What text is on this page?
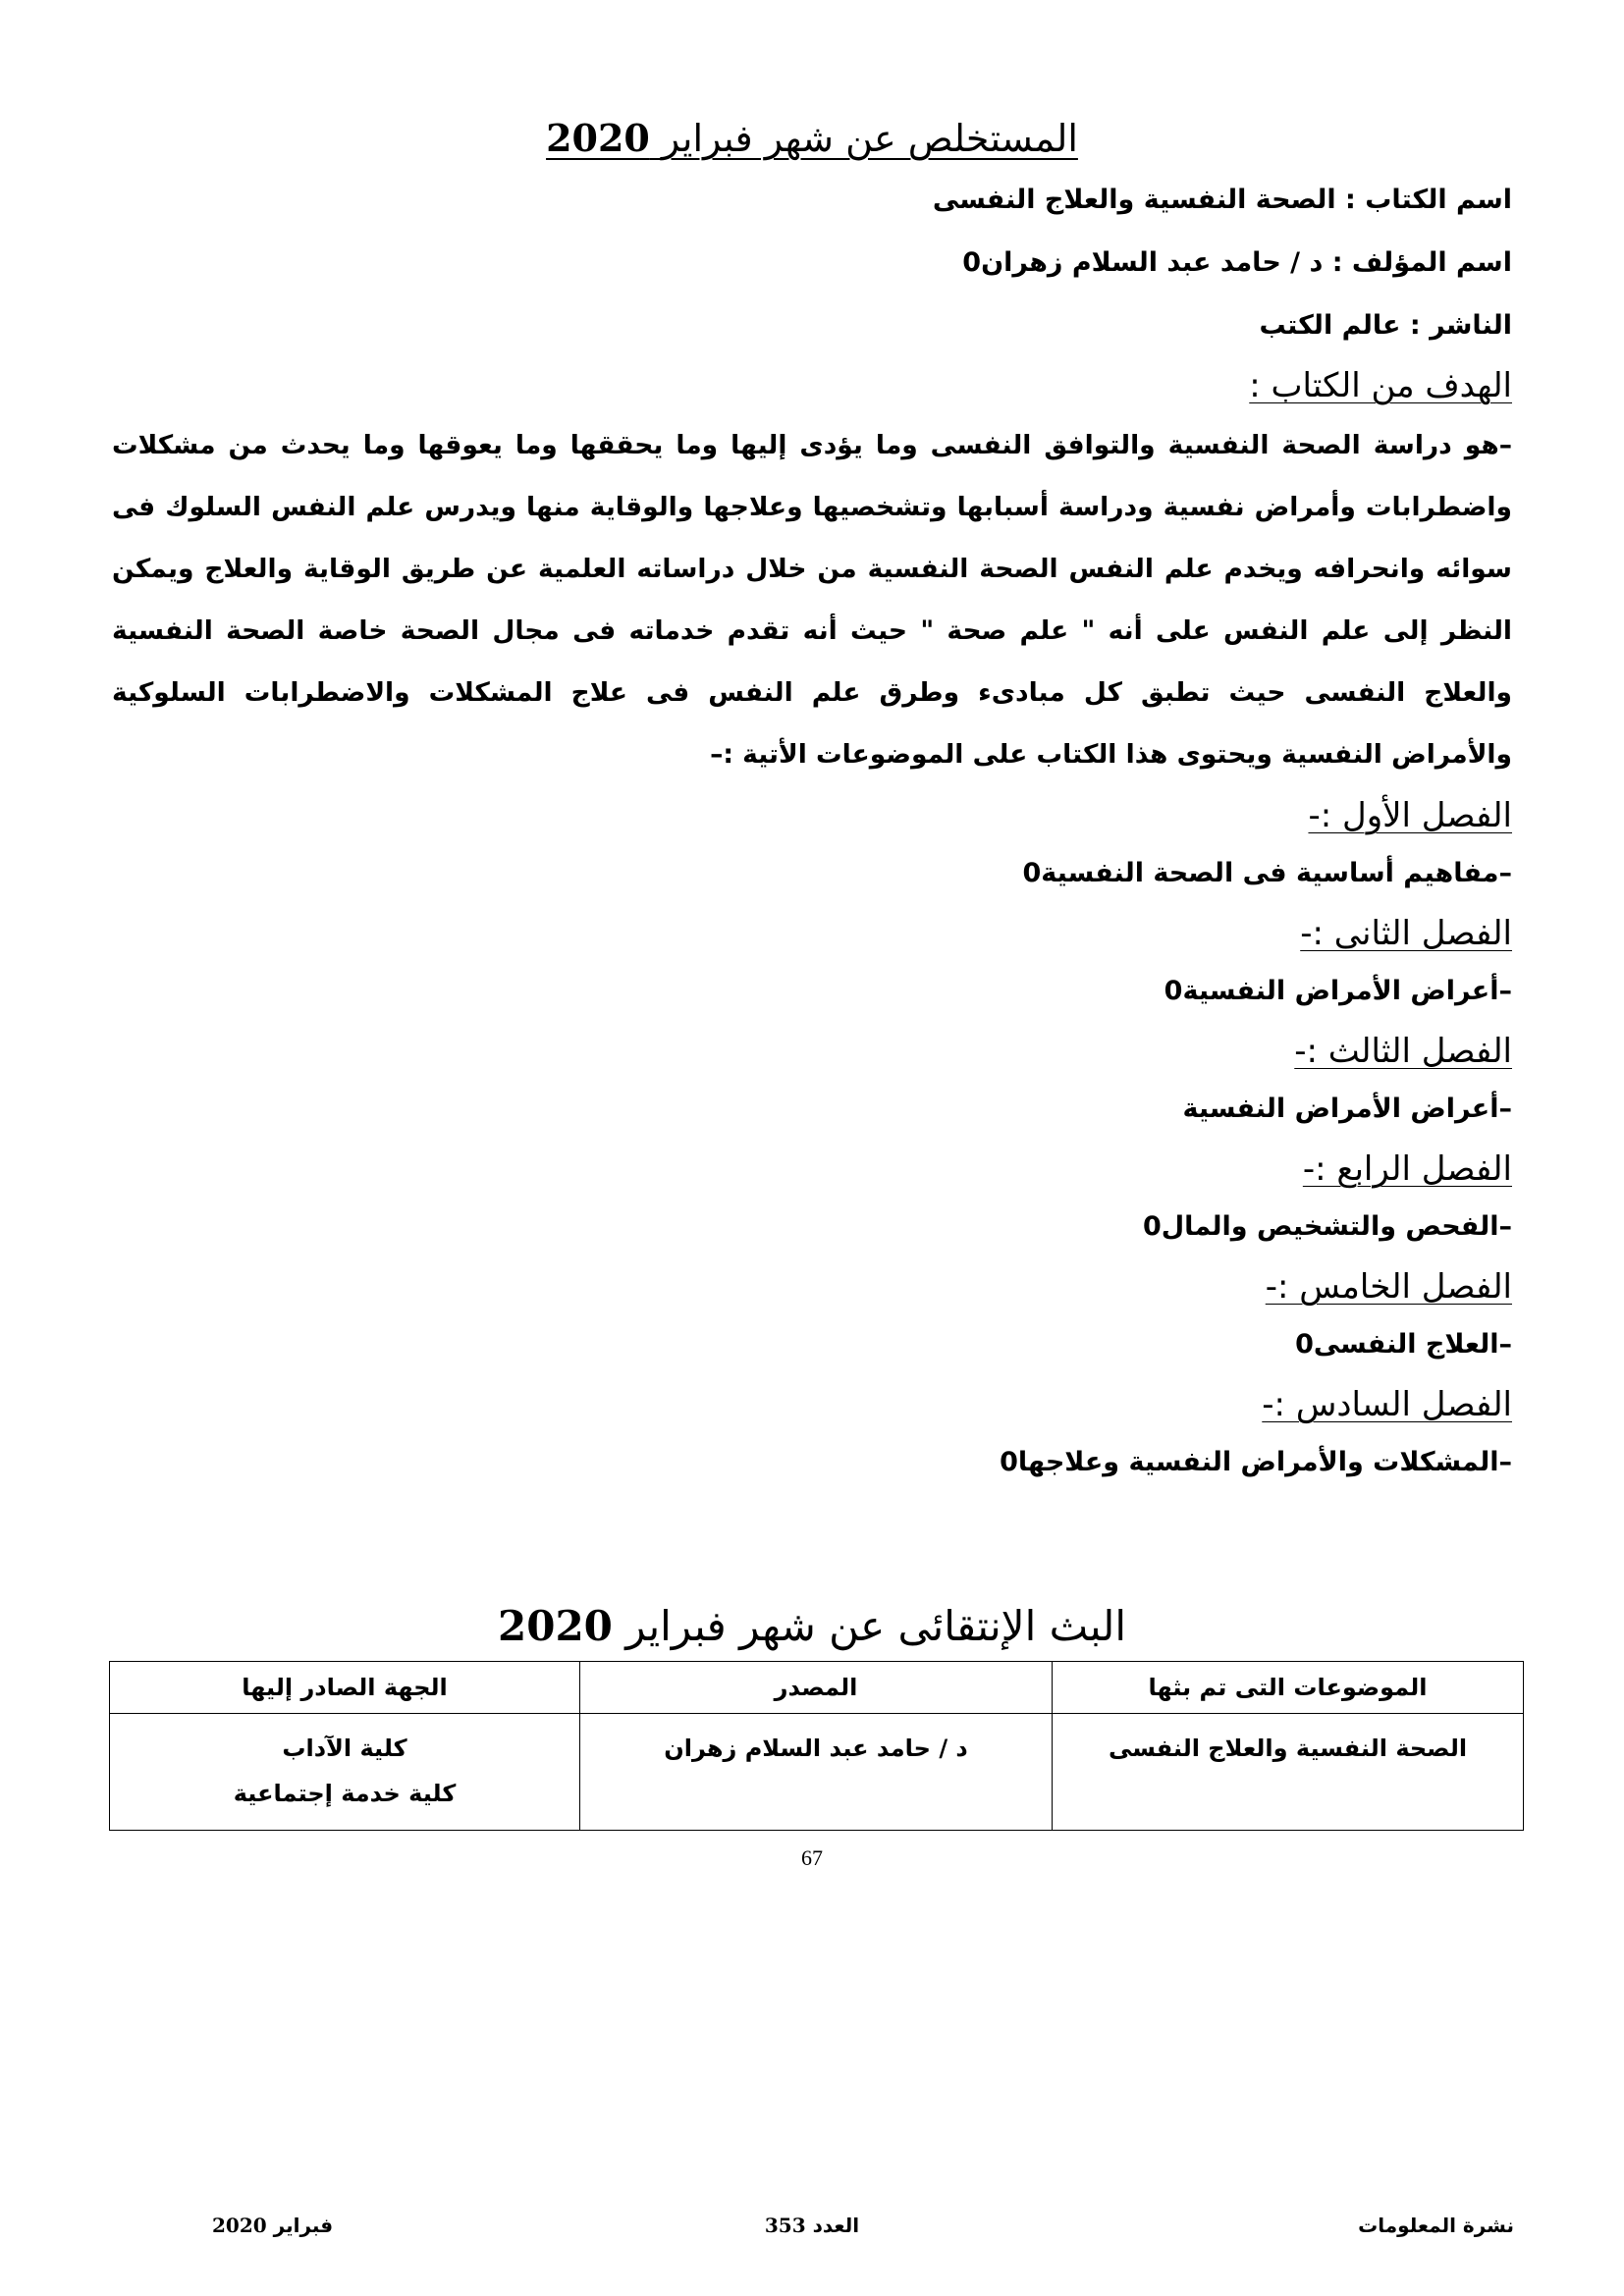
المستخلص عن شهر فبراير 2020
اسم الكتاب : الصحة النفسية والعلاج النفسى
اسم المؤلف : د / حامد عبد السلام زهران0
الناشر : عالم الكتب
الهدف من الكتاب :

–هو دراسة الصحة النفسية والتوافق النفسى وما يؤدى إليها وما يحققها وما يعوقها وما يحدث من مشكلات واضطرابات وأمراض نفسية ودراسة أسبابها وتشخصيها وعلاجها والوقاية منها ويدرس علم النفس السلوك فى سوائه وانحرافه ويخدم علم النفس الصحة النفسية من خلال دراساته العلمية عن طريق الوقاية والعلاج ويمكن النظر إلى علم النفس على أنه " علم صحة " حيث أنه تقدم خدماته فى مجال الصحة خاصة الصحة النفسية والعلاج النفسى حيث تطبق كل مبادىء وطرق علم النفس فى علاج المشكلات والاضطرابات السلوكية والأمراض النفسية ويحتوى هذا الكتاب على الموضوعات الأتية :–

الفصل الأول :-
–مفاهيم أساسية فى الصحة النفسية0
الفصل الثانى :-
–أعراض الأمراض النفسية0
الفصل الثالث :-
–أعراض الأمراض النفسية
الفصل الرابع :-
–الفحص والتشخيص والمال0
الفصل الخامس :-
–العلاج النفسى0
الفصل السادس :-
–المشكلات والأمراض النفسية وعلاجها0
البث الإنتقائى عن شهر فبراير 2020
الموضوعات التى تم بثها	المصدر	الجهة الصادر إليها
الصحة النفسية والعلاج النفسى	د / حامد عبد السلام زهران	كلية الآداب
كلية خدمة إجتماعية
67
نشرة المعلومات
العدد 353
فبراير 2020
